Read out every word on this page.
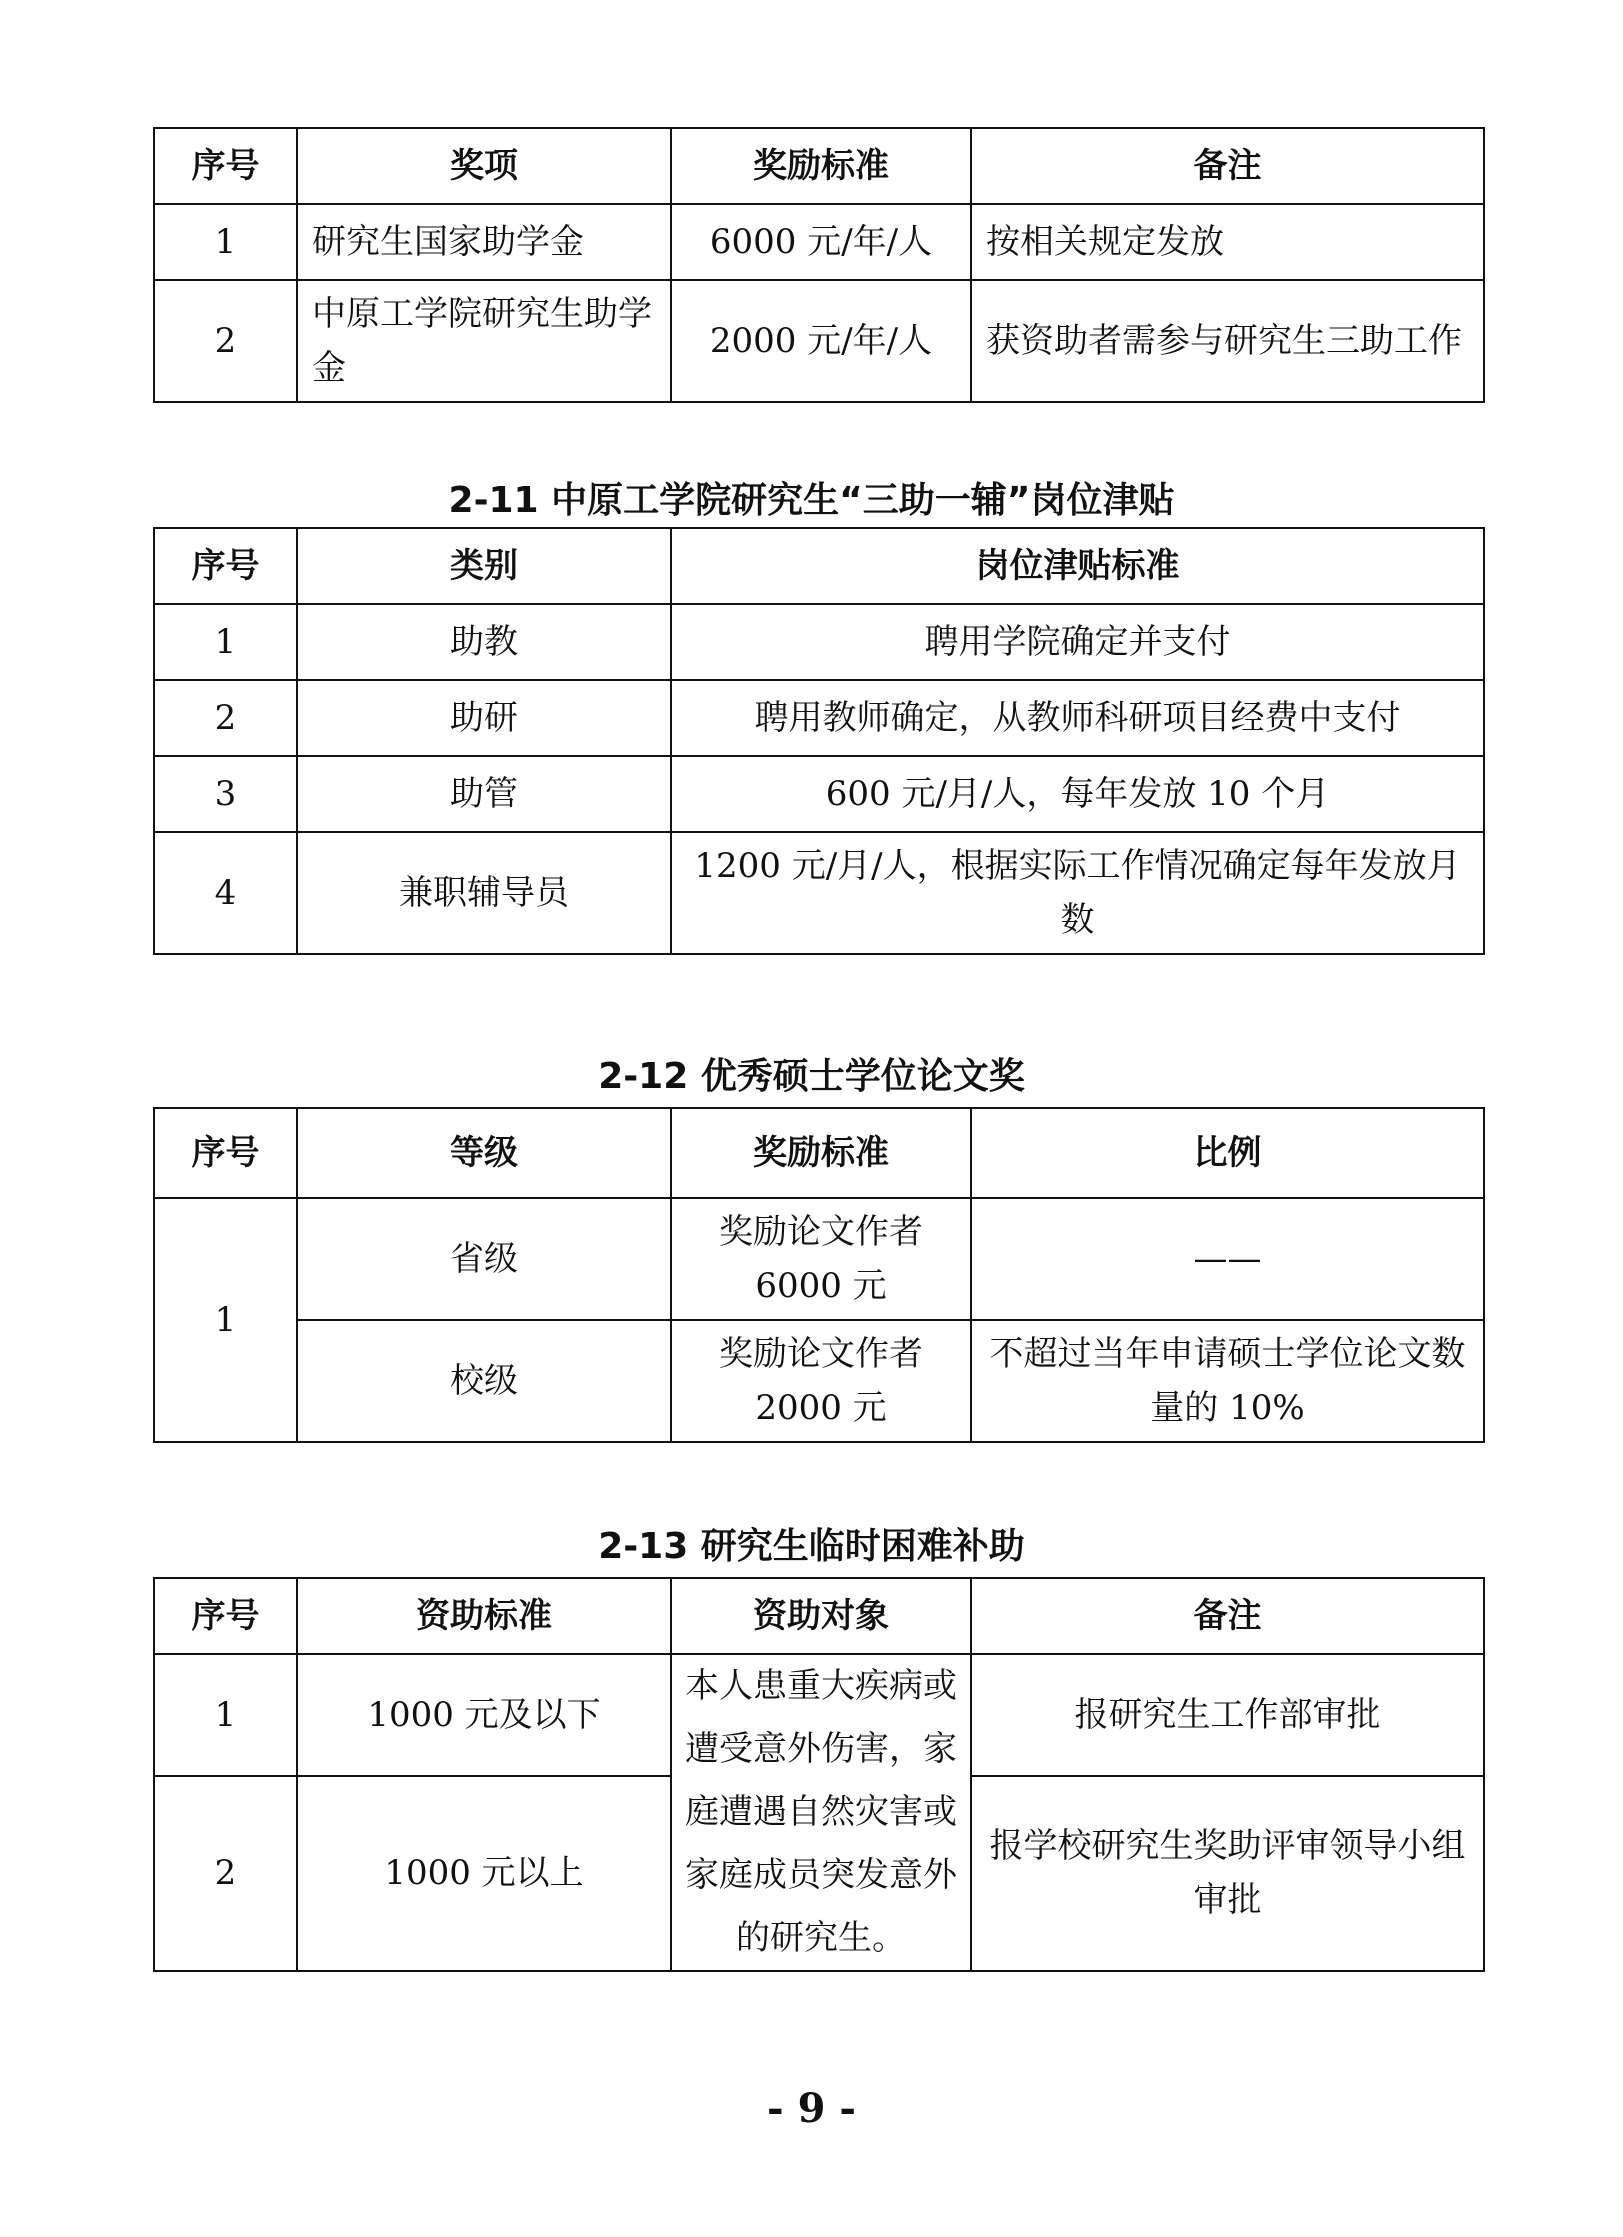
序号	奖项	奖励标准	备注
1	研究生国家助学金	6000 元/年/人	按相关规定发放
2	中原工学院研究生助学金	2000 元/年/人	获资助者需参与研究生三助工作
2-11 中原工学院研究生“三助一辅”岗位津贴
序号	类别	岗位津贴标准
1	助教	聘用学院确定并支付
2	助研	聘用教师确定，从教师科研项目经费中支付
3	助管	600 元/月/人，每年发放 10 个月
4	兼职辅导员	1200 元/月/人，根据实际工作情况确定每年发放月数
2-12 优秀硕士学位论文奖
序号	等级	奖励标准	比例
1	省级	奖励论文作者6000 元	——
	校级	奖励论文作者2000 元	不超过当年申请硕士学位论文数量的 10%
2-13 研究生临时困难补助
序号	资助标准	资助对象	备注
1	1000 元及以下	本人患重大疾病或遭受意外伤害，家庭遭遇自然灾害或家庭成员突发意外的研究生。	报研究生工作部审批
2	1000 元以上		报学校研究生奖助评审领导小组审批
- 9 -
